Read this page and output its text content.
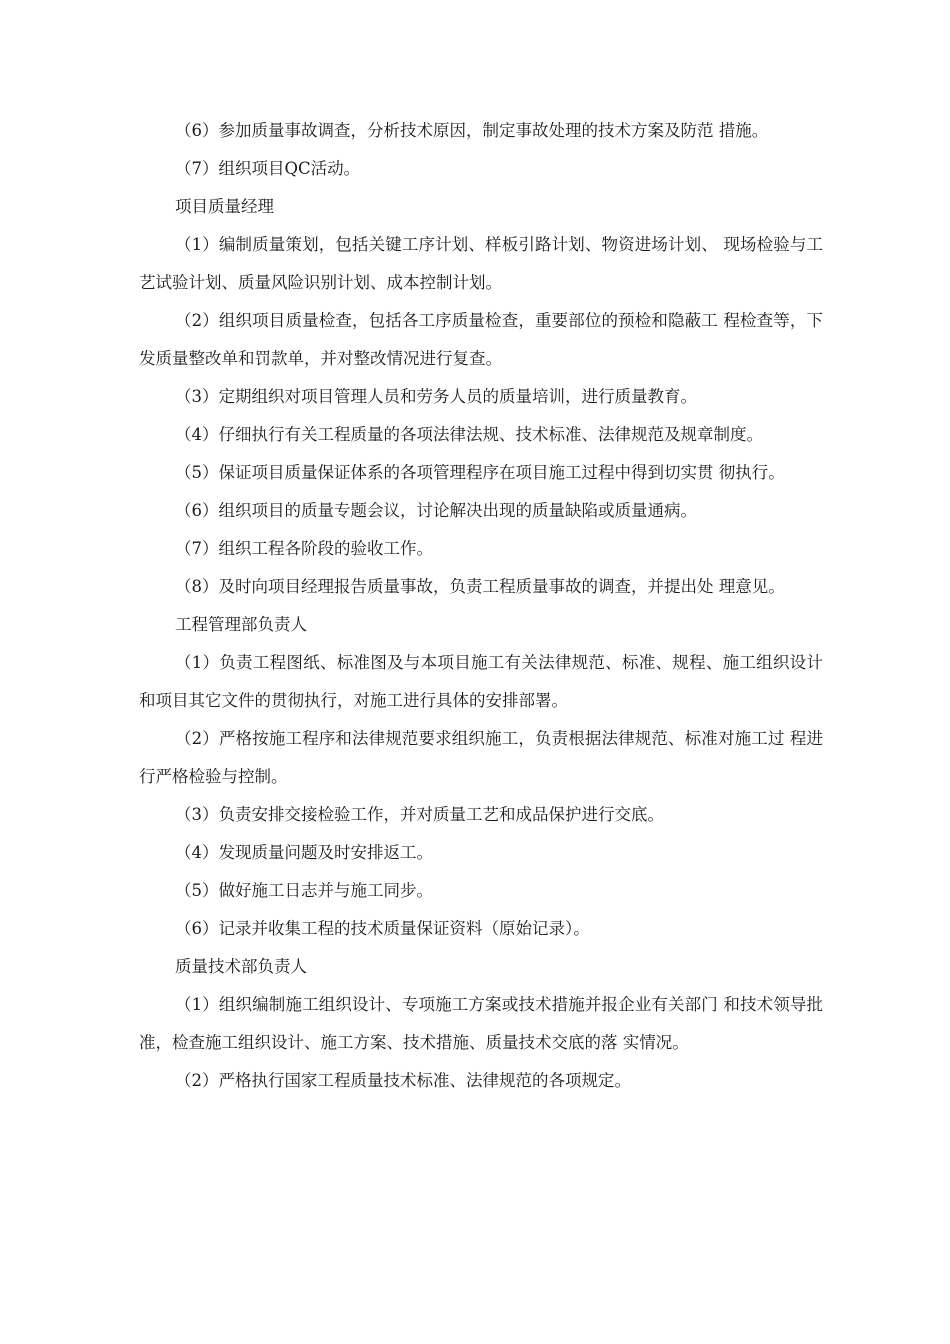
（6）参加质量事故调查，分析技术原因，制定事故处理的技术方案及防范 措施。

（7）组织项目QC活动。

项目质量经理

（1）编制质量策划，包括关键工序计划、样板引路计划、物资进场计划、 现场检验与工艺试验计划、质量风险识别计划、成本控制计划。

（2）组织项目质量检查，包括各工序质量检查，重要部位的预检和隐蔽工 程检查等，下发质量整改单和罚款单，并对整改情况进行复查。

（3）定期组织对项目管理人员和劳务人员的质量培训，进行质量教育。

（4）仔细执行有关工程质量的各项法律法规、技术标准、法律规范及规章制度。

（5）保证项目质量保证体系的各项管理程序在项目施工过程中得到切实贯 彻执行。

（6）组织项目的质量专题会议，讨论解决出现的质量缺陷或质量通病。

（7）组织工程各阶段的验收工作。

（8）及时向项目经理报告质量事故，负责工程质量事故的调查，并提出处 理意见。

工程管理部负责人

（1）负责工程图纸、标准图及与本项目施工有关法律规范、标准、规程、施工组织设计和项目其它文件的贯彻执行，对施工进行具体的安排部署。

（2）严格按施工程序和法律规范要求组织施工，负责根据法律规范、标准对施工过 程进行严格检验与控制。

（3）负责安排交接检验工作，并对质量工艺和成品保护进行交底。

（4）发现质量问题及时安排返工。

（5）做好施工日志并与施工同步。

（6）记录并收集工程的技术质量保证资料（原始记录）。

质量技术部负责人

（1）组织编制施工组织设计、专项施工方案或技术措施并报企业有关部门 和技术领导批准，检查施工组织设计、施工方案、技术措施、质量技术交底的落 实情况。

（2）严格执行国家工程质量技术标准、法律规范的各项规定。
